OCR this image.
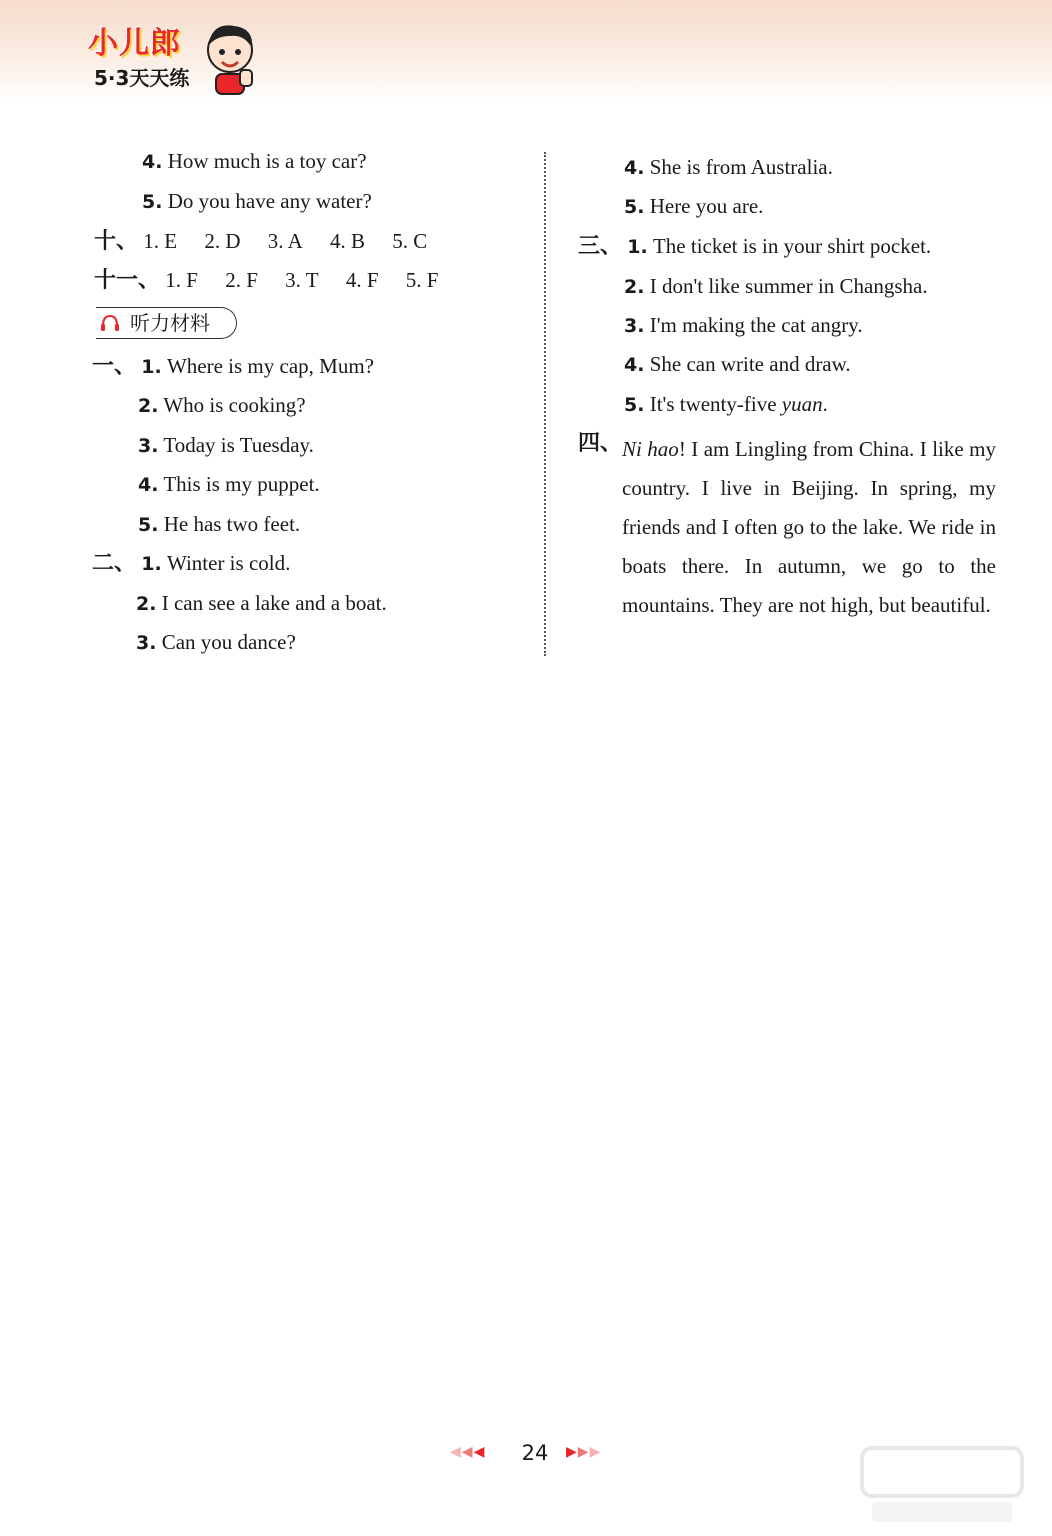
小儿郎
5·3天天练
4. How much is a toy car?
5. Do you have any water?
十、 1. E 2. D 3. A 4. B 5. C
十一、 1. F 2. F 3. T 4. F 5. F
听力材料
一、 1. Where is my cap, Mum?
2. Who is cooking?
3. Today is Tuesday.
4. This is my puppet.
5. He has two feet.
二、 1. Winter is cold.
2. I can see a lake and a boat.
3. Can you dance?
4. She is from Australia.
5. Here you are.
三、 1. The ticket is in your shirt pocket.
2. I don't like summer in Changsha.
3. I'm making the cat angry.
4. She can write and draw.
5. It's twenty-five yuan.
四、 Ni hao! I am Lingling from China. I like my country. I live in Beijing. In spring, my friends and I often go to the lake. We ride in boats there. In autumn, we go to the mountains. They are not high, but beautiful.
◀◀◀	24	▶▶▶
